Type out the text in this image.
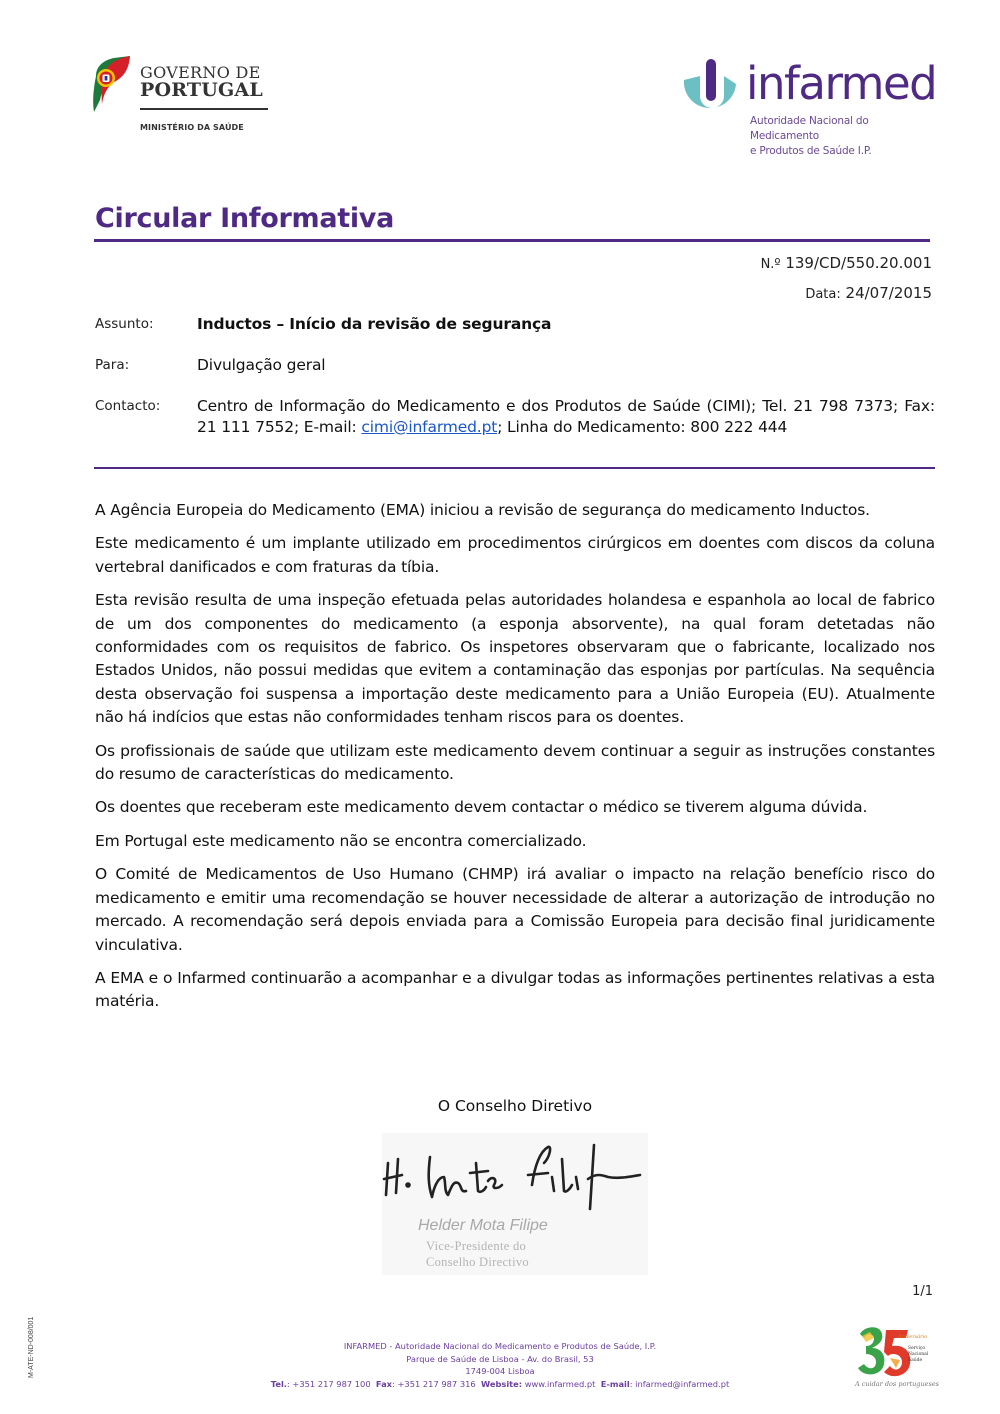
GOVERNO DE
PORTUGAL
MINISTÉRIO DA SAÚDE
infarmed
Autoridade Nacional do Medicamento
e Produtos de Saúde I.P.
Circular Informativa
N.º 139/CD/550.20.001
Data: 24/07/2015
Assunto:	Inductos – Início da revisão de segurança
Para:	Divulgação geral
Contacto: Centro de Informação do Medicamento e dos Produtos de Saúde (CIMI); Tel. 21 798 7373; Fax: 21 111 7552; E-mail: cimi@infarmed.pt; Linha do Medicamento: 800 222 444

A Agência Europeia do Medicamento (EMA) iniciou a revisão de segurança do medicamento Inductos.

Este medicamento é um implante utilizado em procedimentos cirúrgicos em doentes com discos da coluna vertebral danificados e com fraturas da tíbia.

Esta revisão resulta de uma inspeção efetuada pelas autoridades holandesa e espanhola ao local de fabrico de um dos componentes do medicamento (a esponja absorvente), na qual foram detetadas não conformidades com os requisitos de fabrico. Os inspetores observaram que o fabricante, localizado nos Estados Unidos, não possui medidas que evitem a contaminação das esponjas por partículas. Na sequência desta observação foi suspensa a importação deste medicamento para a União Europeia (EU). Atualmente não há indícios que estas não conformidades tenham riscos para os doentes.

Os profissionais de saúde que utilizam este medicamento devem continuar a seguir as instruções constantes do resumo de características do medicamento.

Os doentes que receberam este medicamento devem contactar o médico se tiverem alguma dúvida.

Em Portugal este medicamento não se encontra comercializado.

O Comité de Medicamentos de Uso Humano (CHMP) irá avaliar o impacto na relação benefício risco do medicamento e emitir uma recomendação se houver necessidade de alterar a autorização de introdução no mercado. A recomendação será depois enviada para a Comissão Europeia para decisão final juridicamente vinculativa.

A EMA e o Infarmed continuarão a acompanhar e a divulgar todas as informações pertinentes relativas a esta matéria.

O Conselho Diretivo
Helder Mota Filipe
Vice-Presidente do
Conselho Directivo
1/1
M-ATE-ND-008/001	INFARMED - Autoridade Nacional do Medicamento e Produtos de Saúde, I.P.
Parque de Saúde de Lisboa - Av. do Brasil, 53
1749-004 Lisboa
Tel.: +351 217 987 100 Fax: +351 217 987 316 Website: www.infarmed.pt E-mail: infarmed@infarmed.pt
Aniversário
Serviço
Nacional
Saúde
A cuidar dos portugueses
